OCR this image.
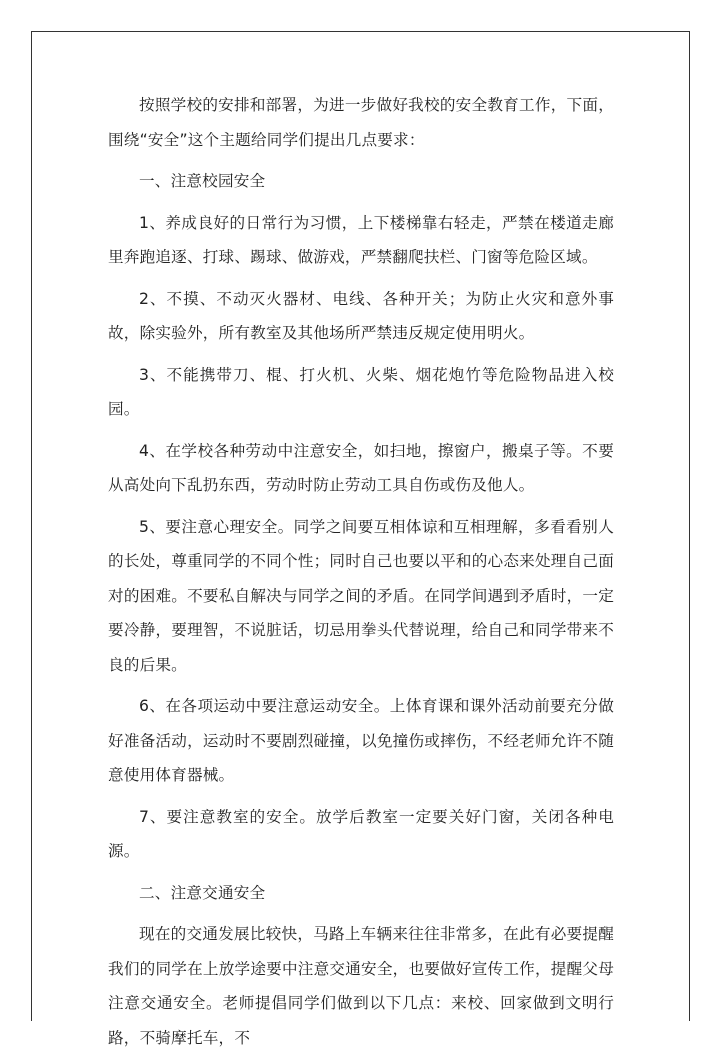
按照学校的安排和部署，为进一步做好我校的安全教育工作，下面，围绕“安全”这个主题给同学们提出几点要求：

一、注意校园安全

1、养成良好的日常行为习惯，上下楼梯靠右轻走，严禁在楼道走廊里奔跑追逐、打球、踢球、做游戏，严禁翻爬扶栏、门窗等危险区域。

2、不摸、不动灭火器材、电线、各种开关；为防止火灾和意外事故，除实验外，所有教室及其他场所严禁违反规定使用明火。

3、不能携带刀、棍、打火机、火柴、烟花炮竹等危险物品进入校园。

4、在学校各种劳动中注意安全，如扫地，擦窗户，搬桌子等。不要从高处向下乱扔东西，劳动时防止劳动工具自伤或伤及他人。

5、要注意心理安全。同学之间要互相体谅和互相理解，多看看别人的长处，尊重同学的不同个性；同时自己也要以平和的心态来处理自己面对的困难。不要私自解决与同学之间的矛盾。在同学间遇到矛盾时，一定要冷静，要理智，不说脏话，切忌用拳头代替说理，给自己和同学带来不良的后果。

6、在各项运动中要注意运动安全。上体育课和课外活动前要充分做好准备活动，运动时不要剧烈碰撞，以免撞伤或摔伤，不经老师允许不随意使用体育器械。

7、要注意教室的安全。放学后教室一定要关好门窗，关闭各种电源。

二、注意交通安全

现在的交通发展比较快，马路上车辆来往往非常多，在此有必要提醒我们的同学在上放学途要中注意交通安全，也要做好宣传工作，提醒父母注意交通安全。老师提倡同学们做到以下几点：来校、回家做到文明行路，不骑摩托车，不
